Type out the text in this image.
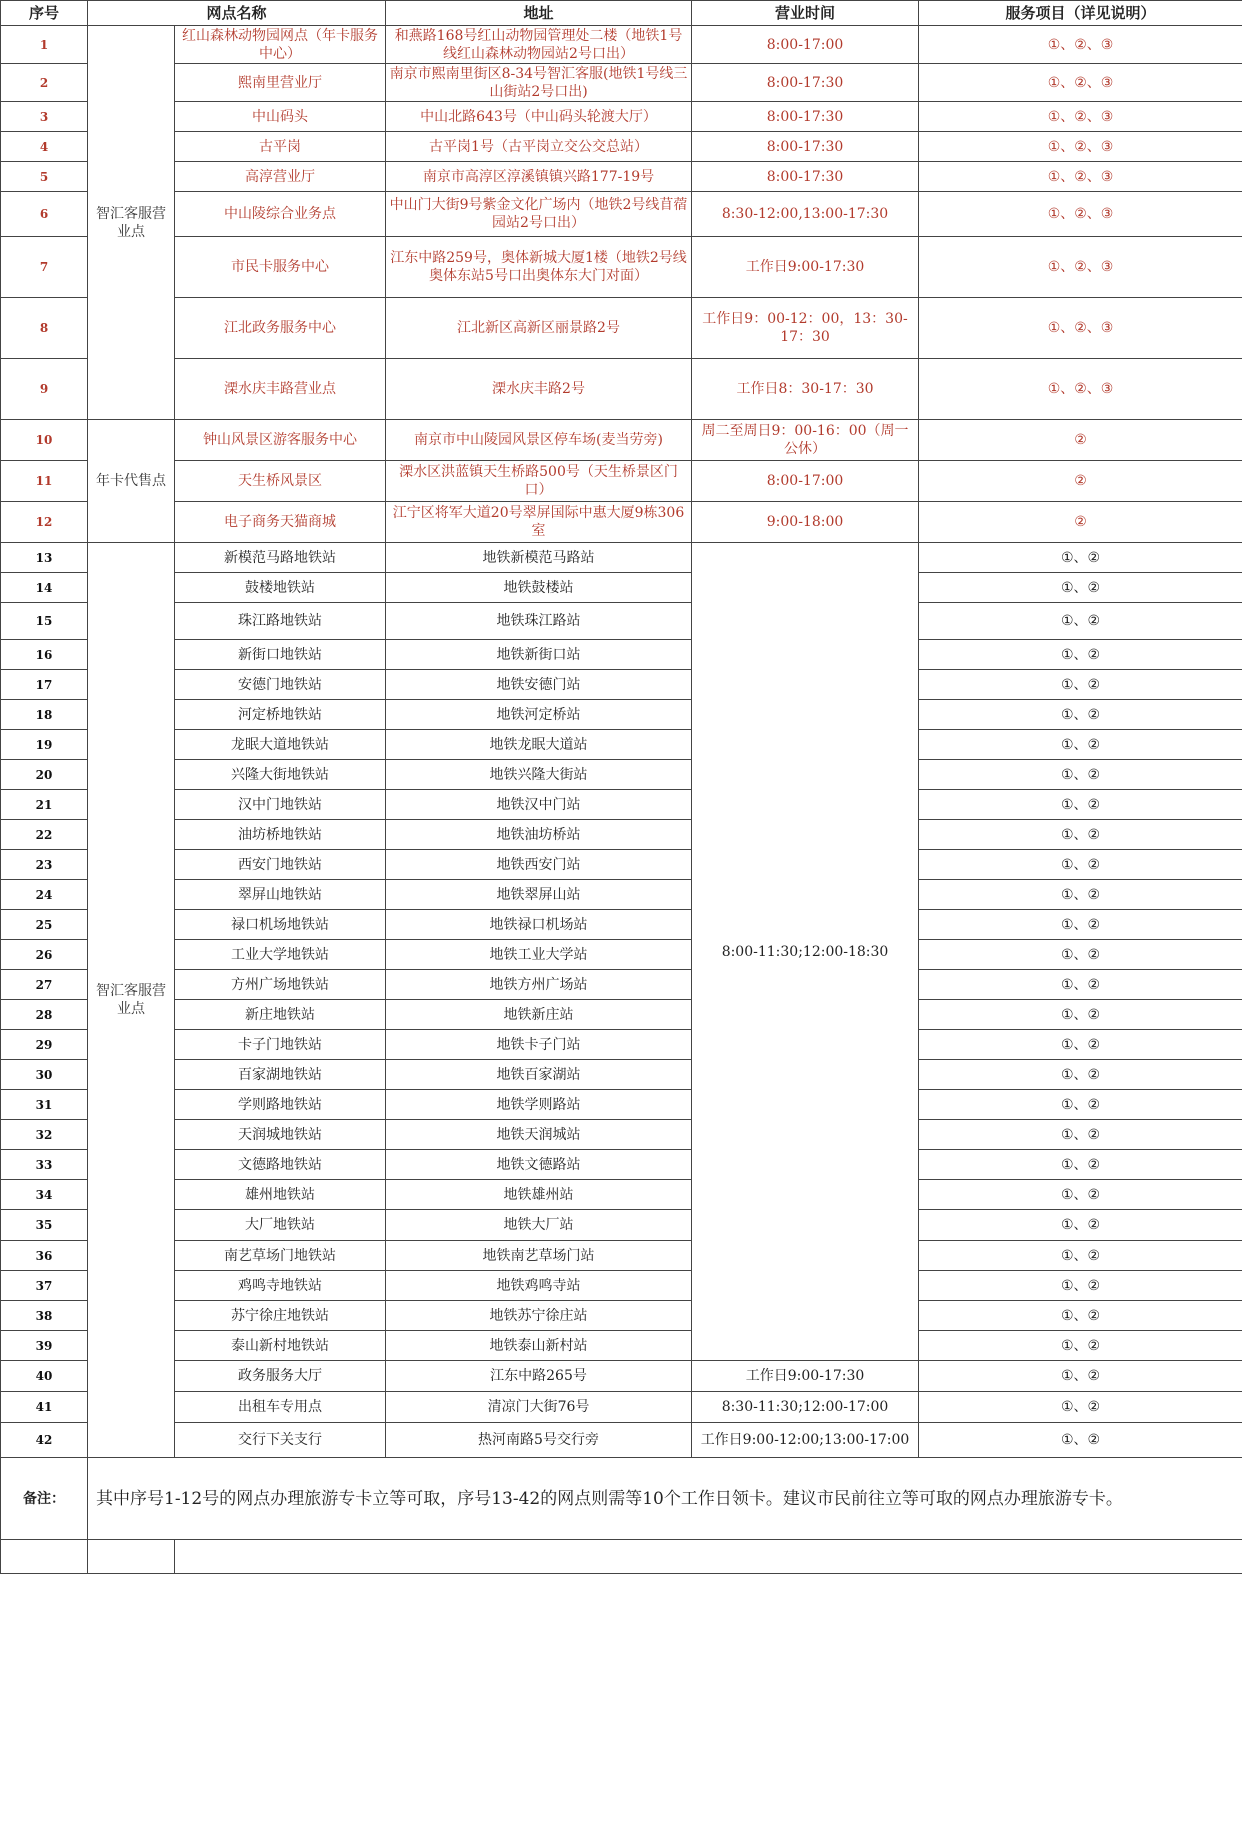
序号	网点名称		地址	营业时间	服务项目（详见说明）
1	智汇客服营业点	红山森林动物园网点（年卡服务中心）	和燕路168号红山动物园管理处二楼（地铁1号线红山森林动物园站2号口出）	8:00-17:00	①、②、③
2		熙南里营业厅	南京市熙南里街区8-34号智汇客服(地铁1号线三山街站2号口出)	8:00-17:30	①、②、③
3		中山码头	中山北路643号（中山码头轮渡大厅）	8:00-17:30	①、②、③
4		古平岗	古平岗1号（古平岗立交公交总站）	8:00-17:30	①、②、③
5		高淳营业厅	南京市高淳区淳溪镇镇兴路177-19号	8:00-17:30	①、②、③
6		中山陵综合业务点	中山门大街9号紫金文化广场内（地铁2号线苜蓿园站2号口出）	8:30-12:00,13:00-17:30	①、②、③
7		市民卡服务中心	江东中路259号，奥体新城大厦1楼（地铁2号线奥体东站5号口出奥体东大门对面）	工作日9:00-17:30	①、②、③
8		江北政务服务中心	江北新区高新区丽景路2号	工作日9：00-12：00，13：30-17：30	①、②、③
9		溧水庆丰路营业点	溧水庆丰路2号	工作日8：30-17：30	①、②、③
10	年卡代售点	钟山风景区游客服务中心	南京市中山陵园风景区停车场(麦当劳旁)	周二至周日9：00-16：00（周一公休）	②
11		天生桥风景区	溧水区洪蓝镇天生桥路500号（天生桥景区门口）	8:00-17:00	②
12		电子商务天猫商城	江宁区将军大道20号翠屏国际中惠大厦9栋306室	9:00-18:00	②
13	智汇客服营业点	新模范马路地铁站	地铁新模范马路站	8:00-11:30;12:00-18:30	①、②
14		鼓楼地铁站	地铁鼓楼站		①、②
15		珠江路地铁站	地铁珠江路站		①、②
16		新街口地铁站	地铁新街口站		①、②
17		安德门地铁站	地铁安德门站		①、②
18		河定桥地铁站	地铁河定桥站		①、②
19		龙眠大道地铁站	地铁龙眠大道站		①、②
20		兴隆大街地铁站	地铁兴隆大街站		①、②
21		汉中门地铁站	地铁汉中门站		①、②
22		油坊桥地铁站	地铁油坊桥站		①、②
23		西安门地铁站	地铁西安门站		①、②
24		翠屏山地铁站	地铁翠屏山站		①、②
25		禄口机场地铁站	地铁禄口机场站		①、②
26		工业大学地铁站	地铁工业大学站		①、②
27		方州广场地铁站	地铁方州广场站		①、②
28		新庄地铁站	地铁新庄站		①、②
29		卡子门地铁站	地铁卡子门站		①、②
30		百家湖地铁站	地铁百家湖站		①、②
31		学则路地铁站	地铁学则路站		①、②
32		天润城地铁站	地铁天润城站		①、②
33		文德路地铁站	地铁文德路站		①、②
34		雄州地铁站	地铁雄州站		①、②
35		大厂地铁站	地铁大厂站		①、②
36		南艺草场门地铁站	地铁南艺草场门站		①、②
37		鸡鸣寺地铁站	地铁鸡鸣寺站		①、②
38		苏宁徐庄地铁站	地铁苏宁徐庄站		①、②
39		泰山新村地铁站	地铁泰山新村站		①、②
40		政务服务大厅	江东中路265号	工作日9:00-17:30	①、②
41		出租车专用点	清凉门大街76号	8:30-11:30;12:00-17:00	①、②
42		交行下关支行	热河南路5号交行旁	工作日9:00-12:00;13:00-17:00	①、②
备注：	其中序号1-12号的网点办理旅游专卡立等可取，序号13-42的网点则需等10个工作日领卡。建议市民前往立等可取的网点办理旅游专卡。				
